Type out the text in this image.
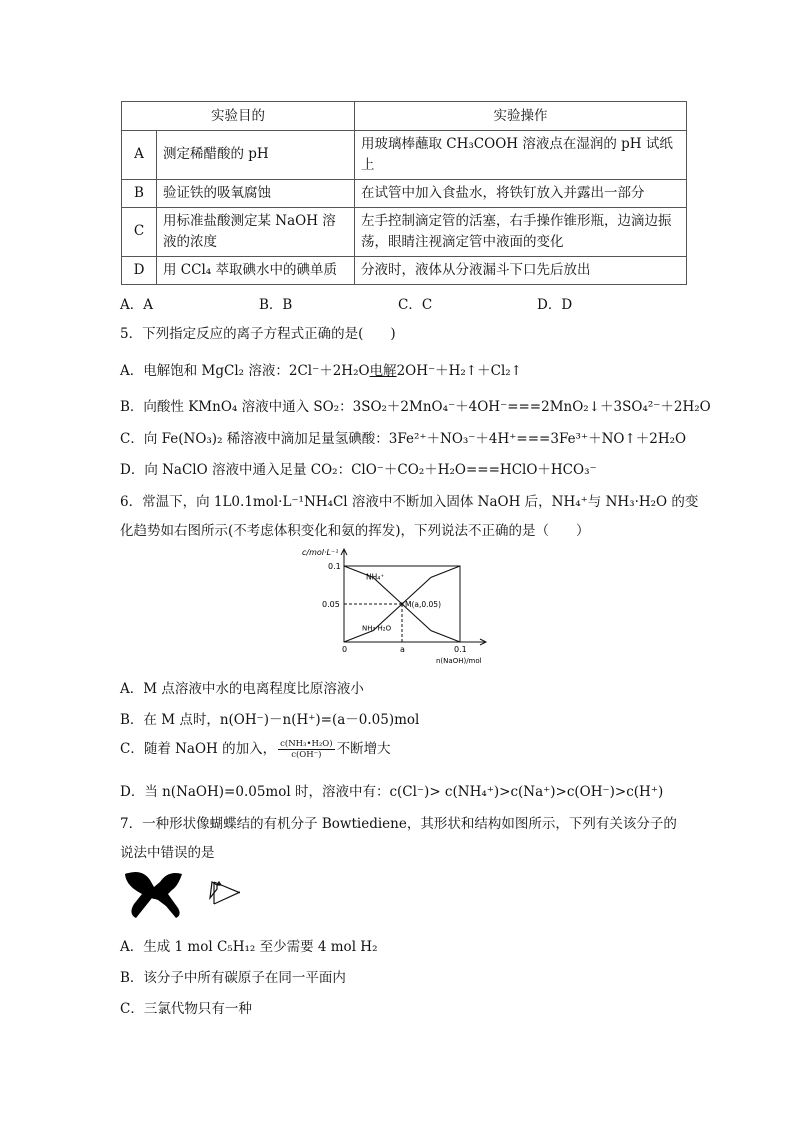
实验目的		实验操作
A	测定稀醋酸的 pH	用玻璃棒蘸取 CH₃COOH 溶液点在湿润的 pH 试纸上
B	验证铁的吸氧腐蚀	在试管中加入食盐水，将铁钉放入并露出一部分
C	用标准盐酸测定某 NaOH 溶液的浓度	左手控制滴定管的活塞，右手操作锥形瓶，边滴边振荡，眼睛注视滴定管中液面的变化
D	用 CCl₄ 萃取碘水中的碘单质	分液时，液体从分液漏斗下口先后放出
A．A	B．B	C．C	D．D
5．下列指定反应的离子方程式正确的是(　　)
A．电解饱和 MgCl₂ 溶液：2Cl⁻＋2H₂O电解2OH⁻＋H₂↑＋Cl₂↑
B．向酸性 KMnO₄ 溶液中通入 SO₂：3SO₂＋2MnO₄⁻＋4OH⁻===2MnO₂↓＋3SO₄²⁻＋2H₂O
C．向 Fe(NO₃)₂ 稀溶液中滴加足量氢碘酸：3Fe²⁺＋NO₃⁻＋4H⁺===3Fe³⁺＋NO↑＋2H₂O
D．向 NaClO 溶液中通入足量 CO₂：ClO⁻＋CO₂＋H₂O===HClO＋HCO₃⁻
6．常温下，向 1L0.1mol·L⁻¹NH₄Cl 溶液中不断加入固体 NaOH 后，NH₄⁺与 NH₃·H₂O 的变
化趋势如右图所示(不考虑体积变化和氨的挥发)，下列说法不正确的是（　　）
c/mol·L⁻¹
n(NaOH)/mol
0.1
0.05
0	a	0.1
NH₄⁺
NH₃·H₂O
M(a,0.05)
A．M 点溶液中水的电离程度比原溶液小
B．在 M 点时，n(OH⁻)－n(H⁺)=(a－0.05)mol
C．随着 NaOH 的加入， $\frac{\text{c(NH₃•H₂O)}}{c(OH^-)}$ 不断增大
D．当 n(NaOH)=0.05mol 时，溶液中有：c(Cl⁻)> c(NH₄⁺)>c(Na⁺)>c(OH⁻)>c(H⁺)
7．一种形状像蝴蝶结的有机分子 Bowtiediene，其形状和结构如图所示，下列有关该分子的
说法中错误的是
A．生成 1 mol C₅H₁₂ 至少需要 4 mol H₂
B．该分子中所有碳原子在同一平面内
C．三氯代物只有一种
